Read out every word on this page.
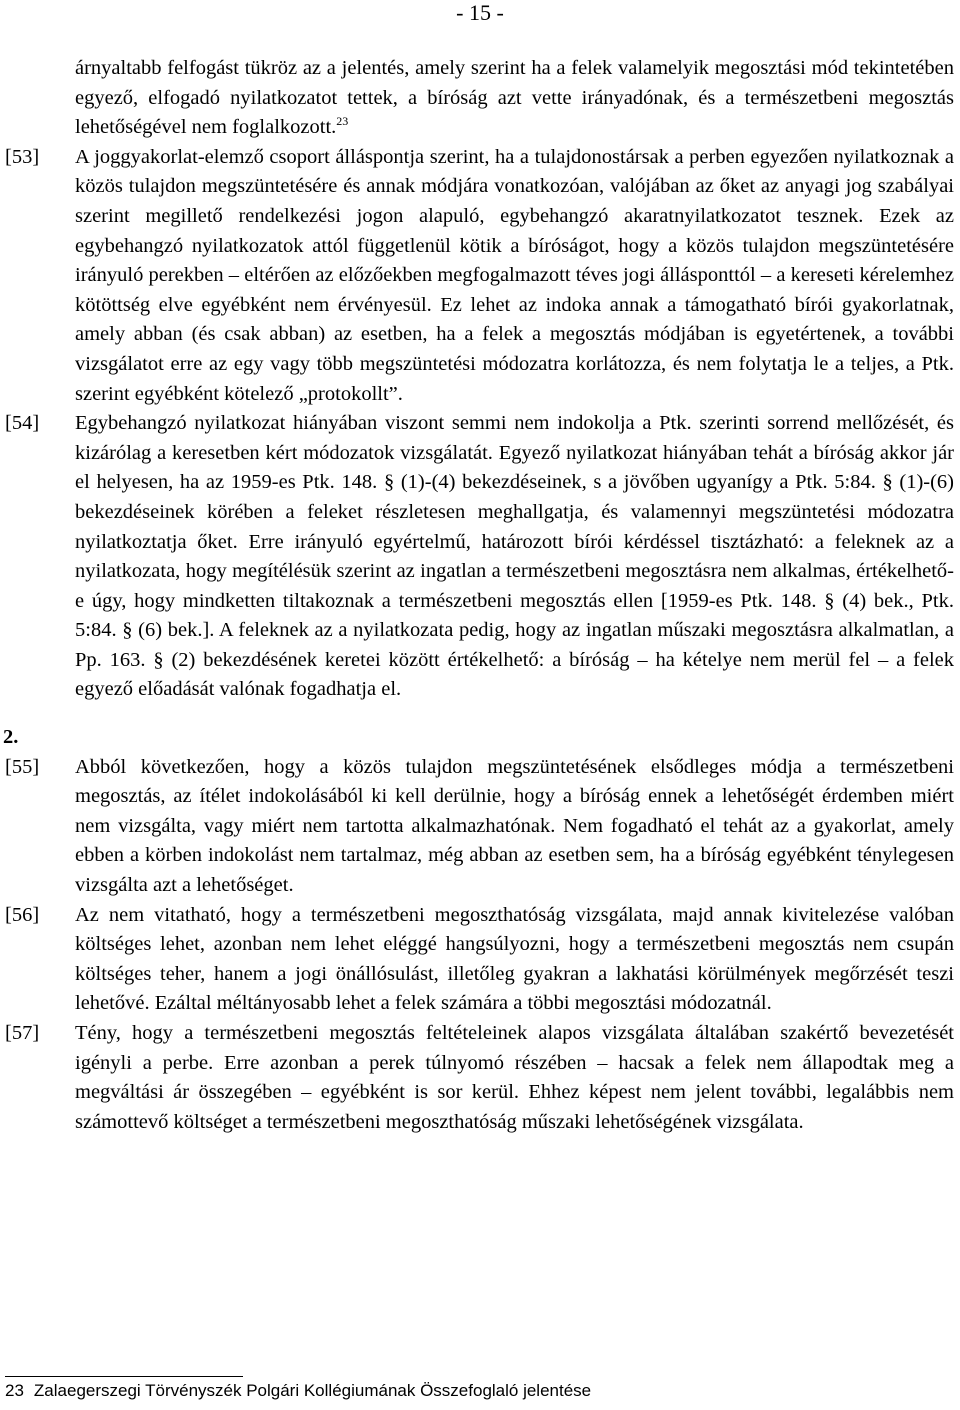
- 15 -
árnyaltabb felfogást tükröz az a jelentés, amely szerint ha a felek valamelyik megosztási mód tekintetében egyező, elfogadó nyilatkozatot tettek, a bíróság azt vette irányadónak, és a természetbeni megosztás lehetőségével nem foglalkozott.$^{23}$
[53] A joggyakorlat-elemző csoport álláspontja szerint, ha a tulajdonostársak a perben egyezően nyilatkoznak a közös tulajdon megszüntetésére és annak módjára vonatkozóan, valójában az őket az anyagi jog szabályai szerint megillető rendelkezési jogon alapuló, egybehangzó akaratnyilatkozatot tesznek. Ezek az egybehangzó nyilatkozatok attól függetlenül kötik a bíróságot, hogy a közös tulajdon megszüntetésére irányuló perekben – eltérően az előzőekben megfogalmazott téves jogi állásponttól – a kereseti kérelemhez kötöttség elve egyébként nem érvényesül. Ez lehet az indoka annak a támogatható bírói gyakorlatnak, amely abban (és csak abban) az esetben, ha a felek a megosztás módjában is egyetértenek, a további vizsgálatot erre az egy vagy több megszüntetési módozatra korlátozza, és nem folytatja le a teljes, a Ptk. szerint egyébként kötelező „protokollt”.
[54] Egybehangzó nyilatkozat hiányában viszont semmi nem indokolja a Ptk. szerinti sorrend mellőzését, és kizárólag a keresetben kért módozatok vizsgálatát. Egyező nyilatkozat hiányában tehát a bíróság akkor jár el helyesen, ha az 1959-es Ptk. 148. § (1)-(4) bekezdéseinek, s a jövőben ugyanígy a Ptk. 5:84. § (1)-(6) bekezdéseinek körében a feleket részletesen meghallgatja, és valamennyi megszüntetési módozatra nyilatkoztatja őket. Erre irányuló egyértelmű, határozott bírói kérdéssel tisztázható: a feleknek az a nyilatkozata, hogy megítélésük szerint az ingatlan a természetbeni megosztásra nem alkalmas, értékelhető-e úgy, hogy mindketten tiltakoznak a természetbeni megosztás ellen [1959-es Ptk. 148. § (4) bek., Ptk. 5:84. § (6) bek.]. A feleknek az a nyilatkozata pedig, hogy az ingatlan műszaki megosztásra alkalmatlan, a Pp. 163. § (2) bekezdésének keretei között értékelhető: a bíróság – ha kételye nem merül fel – a felek egyező előadását valónak fogadhatja el.
2.
[55] Abból következően, hogy a közös tulajdon megszüntetésének elsődleges módja a természetbeni megosztás, az ítélet indokolásából ki kell derülnie, hogy a bíróság ennek a lehetőségét érdemben miért nem vizsgálta, vagy miért nem tartotta alkalmazhatónak. Nem fogadható el tehát az a gyakorlat, amely ebben a körben indokolást nem tartalmaz, még abban az esetben sem, ha a bíróság egyébként ténylegesen vizsgálta azt a lehetőséget.
[56] Az nem vitatható, hogy a természetbeni megoszthatóság vizsgálata, majd annak kivitelezése valóban költséges lehet, azonban nem lehet eléggé hangsúlyozni, hogy a természetbeni megosztás nem csupán költséges teher, hanem a jogi önállósulást, illetőleg gyakran a lakhatási körülmények megőrzését teszi lehetővé. Ezáltal méltányosabb lehet a felek számára a többi megosztási módozatnál.
[57] Tény, hogy a természetbeni megosztás feltételeinek alapos vizsgálata általában szakértő bevezetését igényli a perbe. Erre azonban a perek túlnyomó részében – hacsak a felek nem állapodtak meg a megváltási ár összegében – egyébként is sor kerül. Ehhez képest nem jelent további, legalábbis nem számottevő költséget a természetbeni megoszthatóság műszaki lehetőségének vizsgálata.
23 Zalaegerszegi Törvényszék Polgári Kollégiumának Összefoglaló jelentése
